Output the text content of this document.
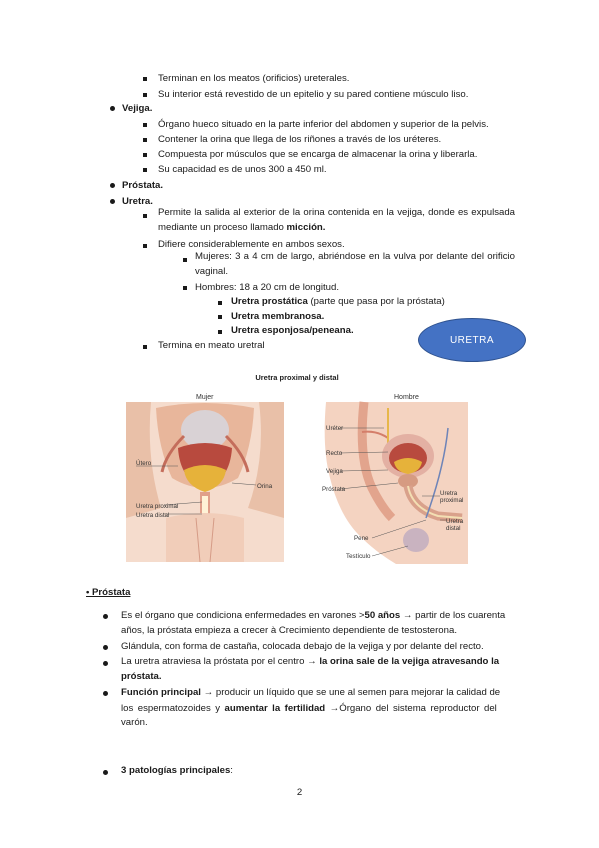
Terminan en los meatos (orificios) ureterales.
Su interior está revestido de un epitelio y su pared contiene músculo liso.
Vejiga.
Órgano hueco situado en la parte inferior del abdomen y superior de la pelvis.
Contener la orina que llega de los riñones a través de los uréteres.
Compuesta por músculos que se encarga de almacenar la orina y liberarla.
Su capacidad es de unos 300 a 450 ml.
Próstata.
Uretra.
Permite la salida al exterior de la orina contenida en la vejiga, donde es expulsada mediante un proceso llamado micción.
Difiere considerablemente en ambos sexos.
Mujeres: 3 a 4 cm de largo, abriéndose en la vulva por delante del orificio vaginal.
Hombres: 18 a 20 cm de longitud.
Uretra prostática (parte que pasa por la próstata)
Uretra membranosa.
Uretra esponjosa/peneana.
Termina en meato uretral	URETRA
Uretra proximal y distal
Mujer	Hombre
Útero
Orina
Uretra proximal
Uretra distal
Uréter
Recto
Vejiga
Próstata
Uretra
proximal
Uretra
distal
Pene
Testículo
• Próstata
Es el órgano que condiciona enfermedades en varones >50 años → partir de los cuarenta
años, la próstata empieza a crecer à Crecimiento dependiente de testosterona.
Glándula, con forma de castaña, colocada debajo de la vejiga y por delante del recto.
La uretra atraviesa la próstata por el centro → la orina sale de la vejiga atravesando la
próstata.
Función principal → producir un líquido que se une al semen para mejorar la calidad de
los espermatozoides y aumentar la fertilidad →Órgano del sistema reproductor del
varón.
3 patologías principales:
2
